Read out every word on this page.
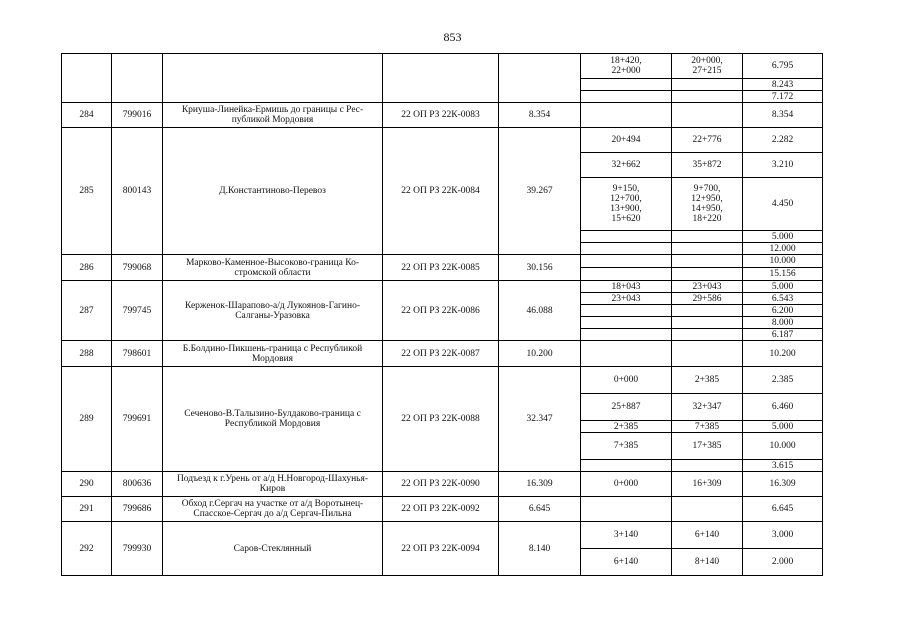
853
					18+420,
22+000	20+000,
27+215	6.795
							8.243
							7.172
284	799016	Криуша-Линейка-Ермишь до границы с Рес-публикой Мордовия	22 ОП РЗ 22К-0083	8.354			8.354
285	800143	Д.Константиново-Перевоз	22 ОП РЗ 22К-0084	39.267	20+494	22+776	2.282
					32+662	35+872	3.210
					9+150,
12+700,
13+900,
15+620	9+700,
12+950,
14+950,
18+220	4.450
							5.000
							12.000
286	799068	Марково-Каменное-Высоково-граница Ко-стромской области	22 ОП РЗ 22К-0085	30.156			10.000
							15.156
287	799745	Керженок-Шарапово-а/д Лукоянов-Гагино-Салганы-Уразовка	22 ОП РЗ 22К-0086	46.088	18+043	23+043	5.000
					23+043	29+586	6.543
							6.200
							8.000
							6.187
288	798601	Б.Болдино-Пикшень-граница с Республикой Мордовия	22 ОП РЗ 22К-0087	10.200			10.200
289	799691	Сеченово-В.Талызино-Булдаково-граница с Республикой Мордовия	22 ОП РЗ 22К-0088	32.347	0+000	2+385	2.385
					25+887	32+347	6.460
					2+385	7+385	5.000
					7+385	17+385	10.000
							3.615
290	800636	Подъезд к г.Урень от а/д Н.Новгород-Шахунья-Киров	22 ОП РЗ 22К-0090	16.309	0+000	16+309	16.309
291	799686	Обход г.Сергач на участке от а/д Воротынец-Спасское-Сергач до а/д Сергач-Пильна	22 ОП РЗ 22К-0092	6.645			6.645
292	799930	Саров-Стеклянный	22 ОП РЗ 22К-0094	8.140	3+140	6+140	3.000
					6+140	8+140	2.000
